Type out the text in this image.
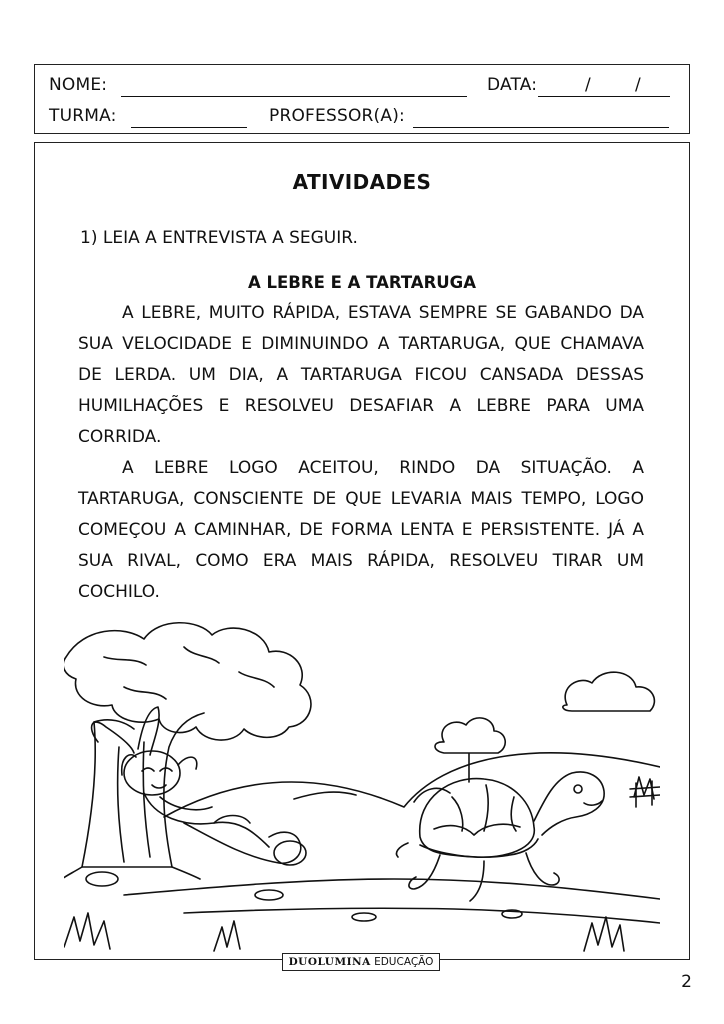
NOME:	DATA:	/	/
TURMA:	PROFESSOR(A):
ATIVIDADES
1) LEIA A ENTREVISTA A SEGUIR.
A LEBRE E A TARTARUGA
A LEBRE, MUITO RÁPIDA, ESTAVA SEMPRE SE GABANDO DA SUA VELOCIDADE E DIMINUINDO A TARTARUGA, QUE CHAMAVA DE LERDA. UM DIA, A TARTARUGA FICOU CANSADA DESSAS HUMILHAÇÕES E RESOLVEU DESAFIAR A LEBRE PARA UMA CORRIDA.
A LEBRE LOGO ACEITOU, RINDO DA SITUAÇÃO. A TARTARUGA, CONSCIENTE DE QUE LEVARIA MAIS TEMPO, LOGO COMEÇOU A CAMINHAR, DE FORMA LENTA E PERSISTENTE. JÁ A SUA RIVAL, COMO ERA MAIS RÁPIDA, RESOLVEU TIRAR UM COCHILO.
DUOLUMINA EDUCAÇÃO
2
